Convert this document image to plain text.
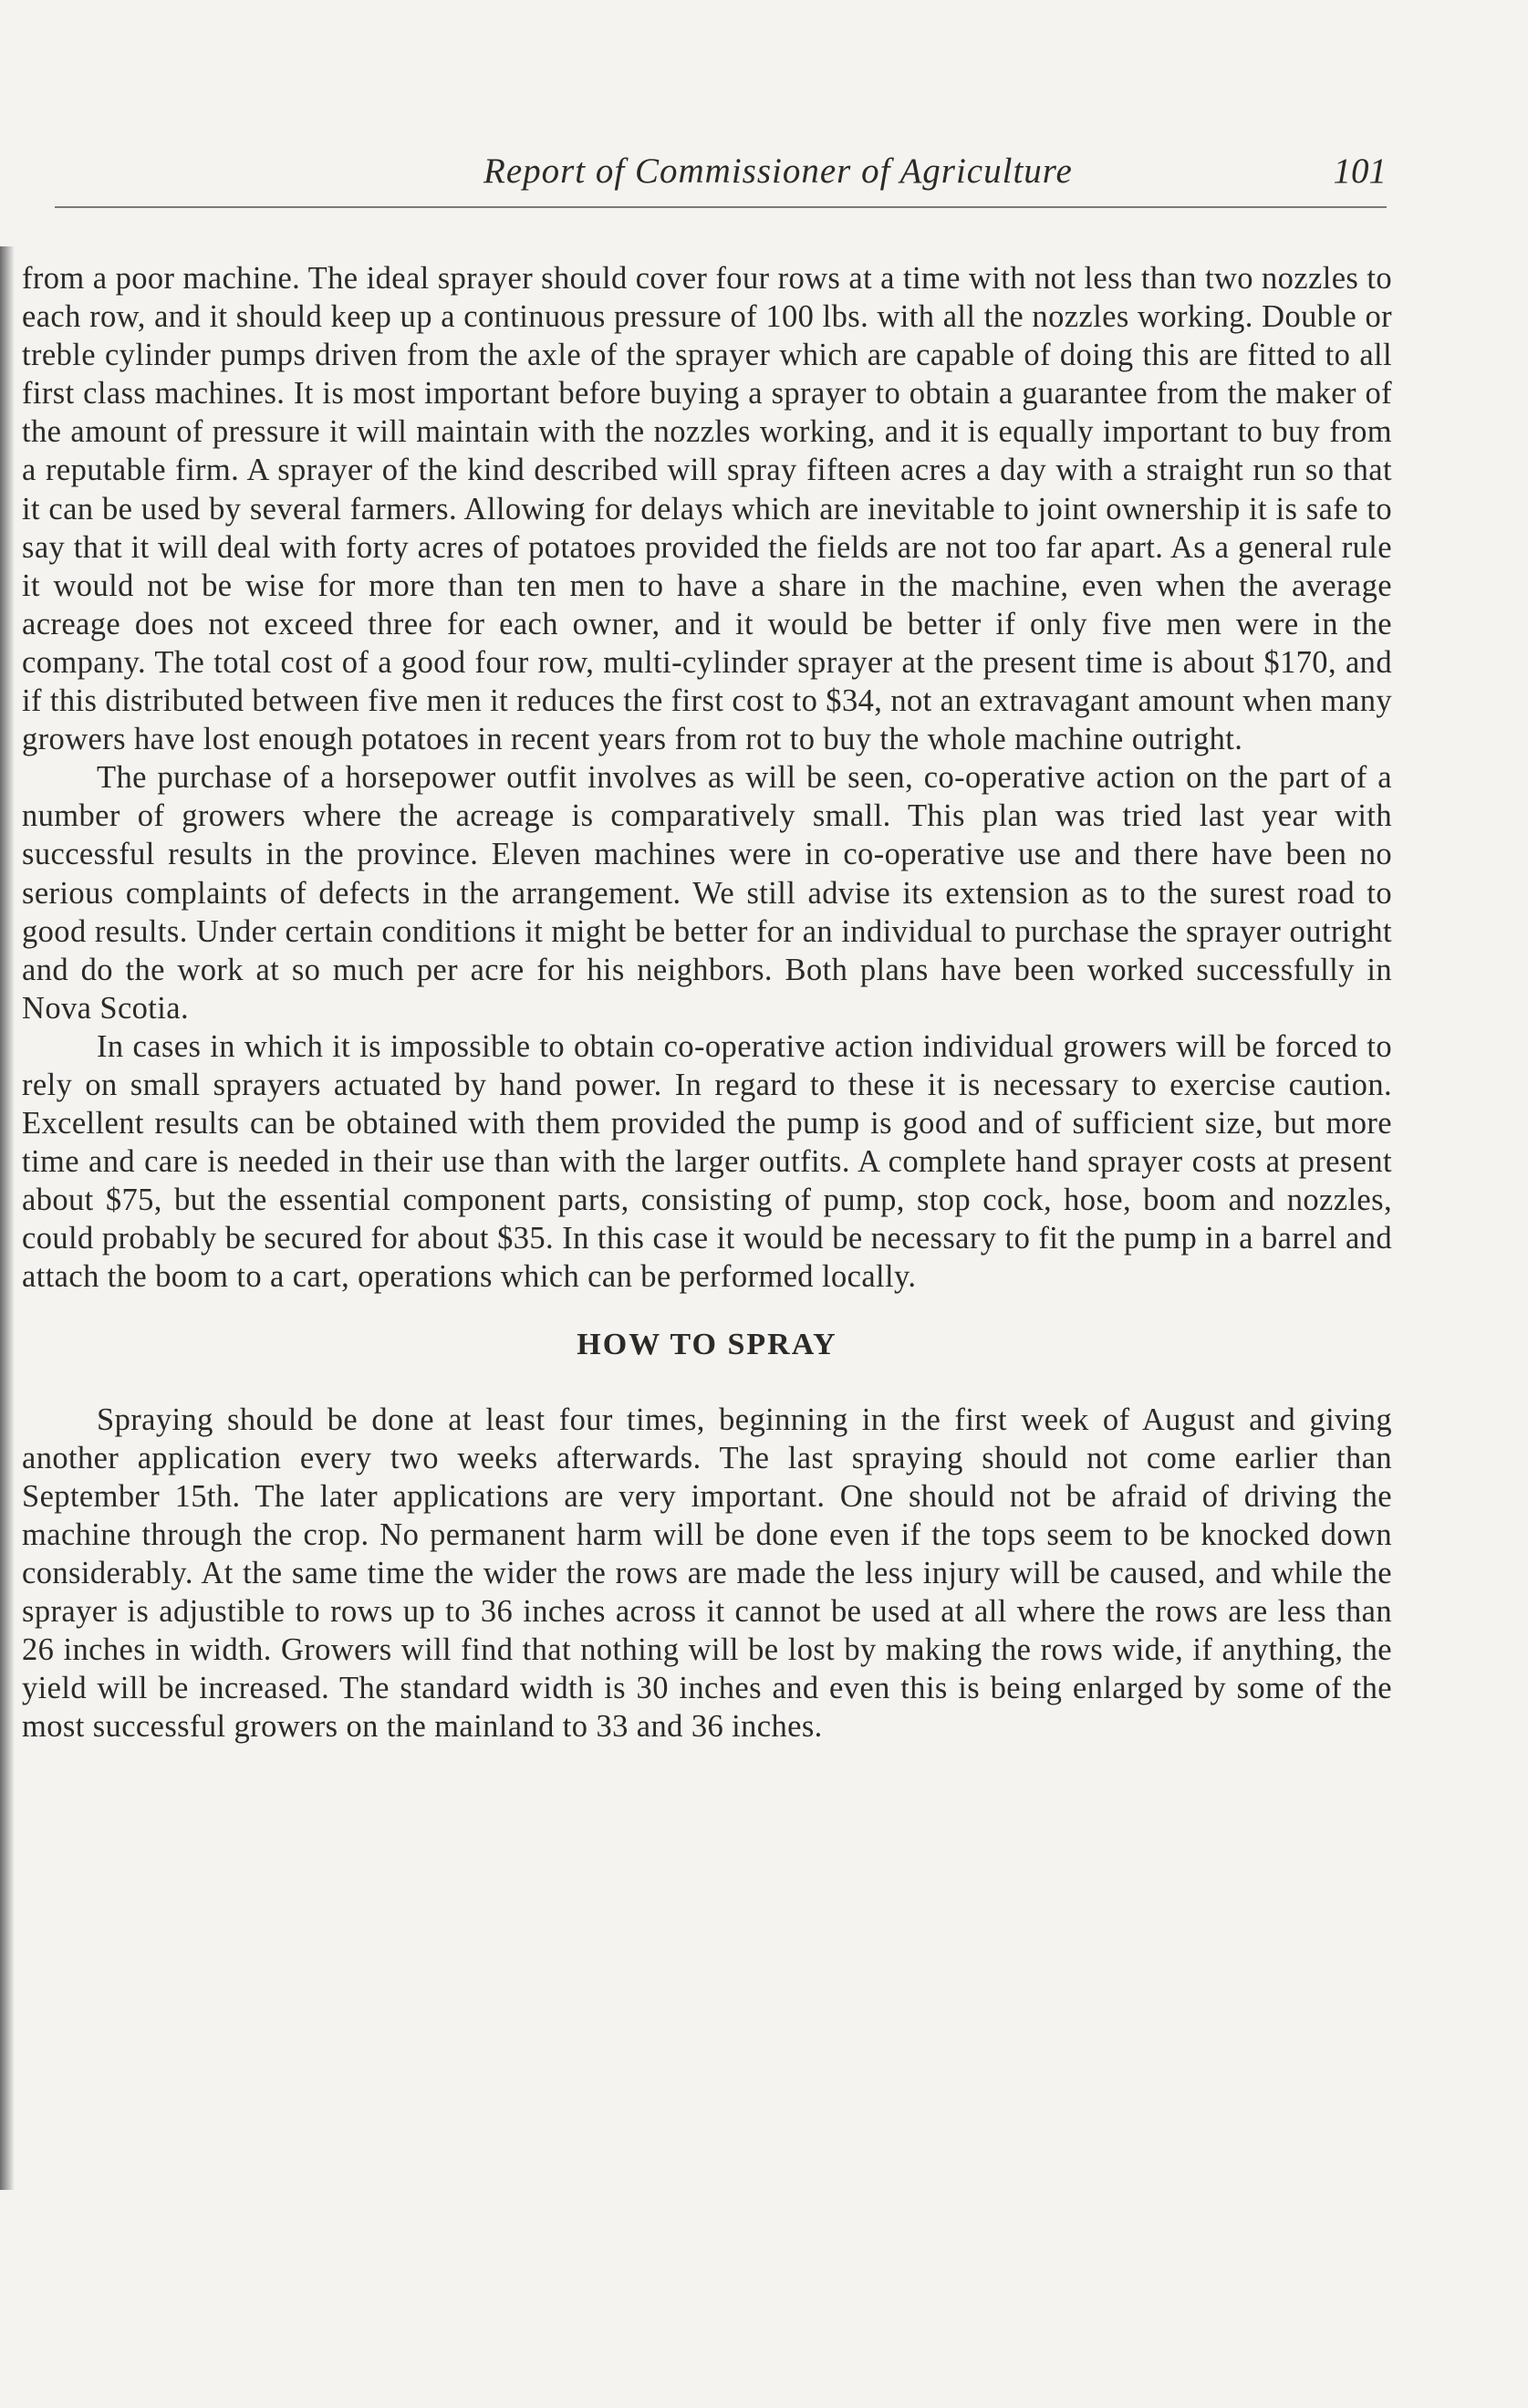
Report of Commissioner of Agriculture	101

from a poor machine. The ideal sprayer should cover four rows at a time with not less than two nozzles to each row, and it should keep up a continuous pressure of 100 lbs. with all the nozzles working. Double or treble cylinder pumps driven from the axle of the sprayer which are capable of doing this are fitted to all first class machines. It is most important before buying a sprayer to obtain a guarantee from the maker of the amount of pressure it will maintain with the nozzles working, and it is equally important to buy from a reputable firm. A sprayer of the kind described will spray fifteen acres a day with a straight run so that it can be used by several farmers. Allowing for delays which are inevitable to joint ownership it is safe to say that it will deal with forty acres of potatoes provided the fields are not too far apart. As a general rule it would not be wise for more than ten men to have a share in the machine, even when the average acreage does not exceed three for each owner, and it would be better if only five men were in the company. The total cost of a good four row, multi-cylinder sprayer at the present time is about $170, and if this distributed between five men it reduces the first cost to $34, not an extravagant amount when many growers have lost enough potatoes in recent years from rot to buy the whole machine outright.

The purchase of a horsepower outfit involves as will be seen, co-operative action on the part of a number of growers where the acreage is comparatively small. This plan was tried last year with successful results in the province. Eleven machines were in co-operative use and there have been no serious complaints of defects in the arrangement. We still advise its extension as to the surest road to good results. Under certain conditions it might be better for an individual to purchase the sprayer outright and do the work at so much per acre for his neighbors. Both plans have been worked successfully in Nova Scotia.

In cases in which it is impossible to obtain co-operative action individual growers will be forced to rely on small sprayers actuated by hand power. In regard to these it is necessary to exercise caution. Excellent results can be obtained with them provided the pump is good and of sufficient size, but more time and care is needed in their use than with the larger outfits. A complete hand sprayer costs at present about $75, but the essential component parts, consisting of pump, stop cock, hose, boom and nozzles, could probably be secured for about $35. In this case it would be necessary to fit the pump in a barrel and attach the boom to a cart, operations which can be performed locally.

HOW TO SPRAY

Spraying should be done at least four times, beginning in the first week of August and giving another application every two weeks afterwards. The last spraying should not come earlier than September 15th. The later applications are very important. One should not be afraid of driving the machine through the crop. No permanent harm will be done even if the tops seem to be knocked down considerably. At the same time the wider the rows are made the less injury will be caused, and while the sprayer is adjustible to rows up to 36 inches across it cannot be used at all where the rows are less than 26 inches in width. Growers will find that nothing will be lost by making the rows wide, if anything, the yield will be increased. The standard width is 30 inches and even this is being enlarged by some of the most successful growers on the mainland to 33 and 36 inches.
